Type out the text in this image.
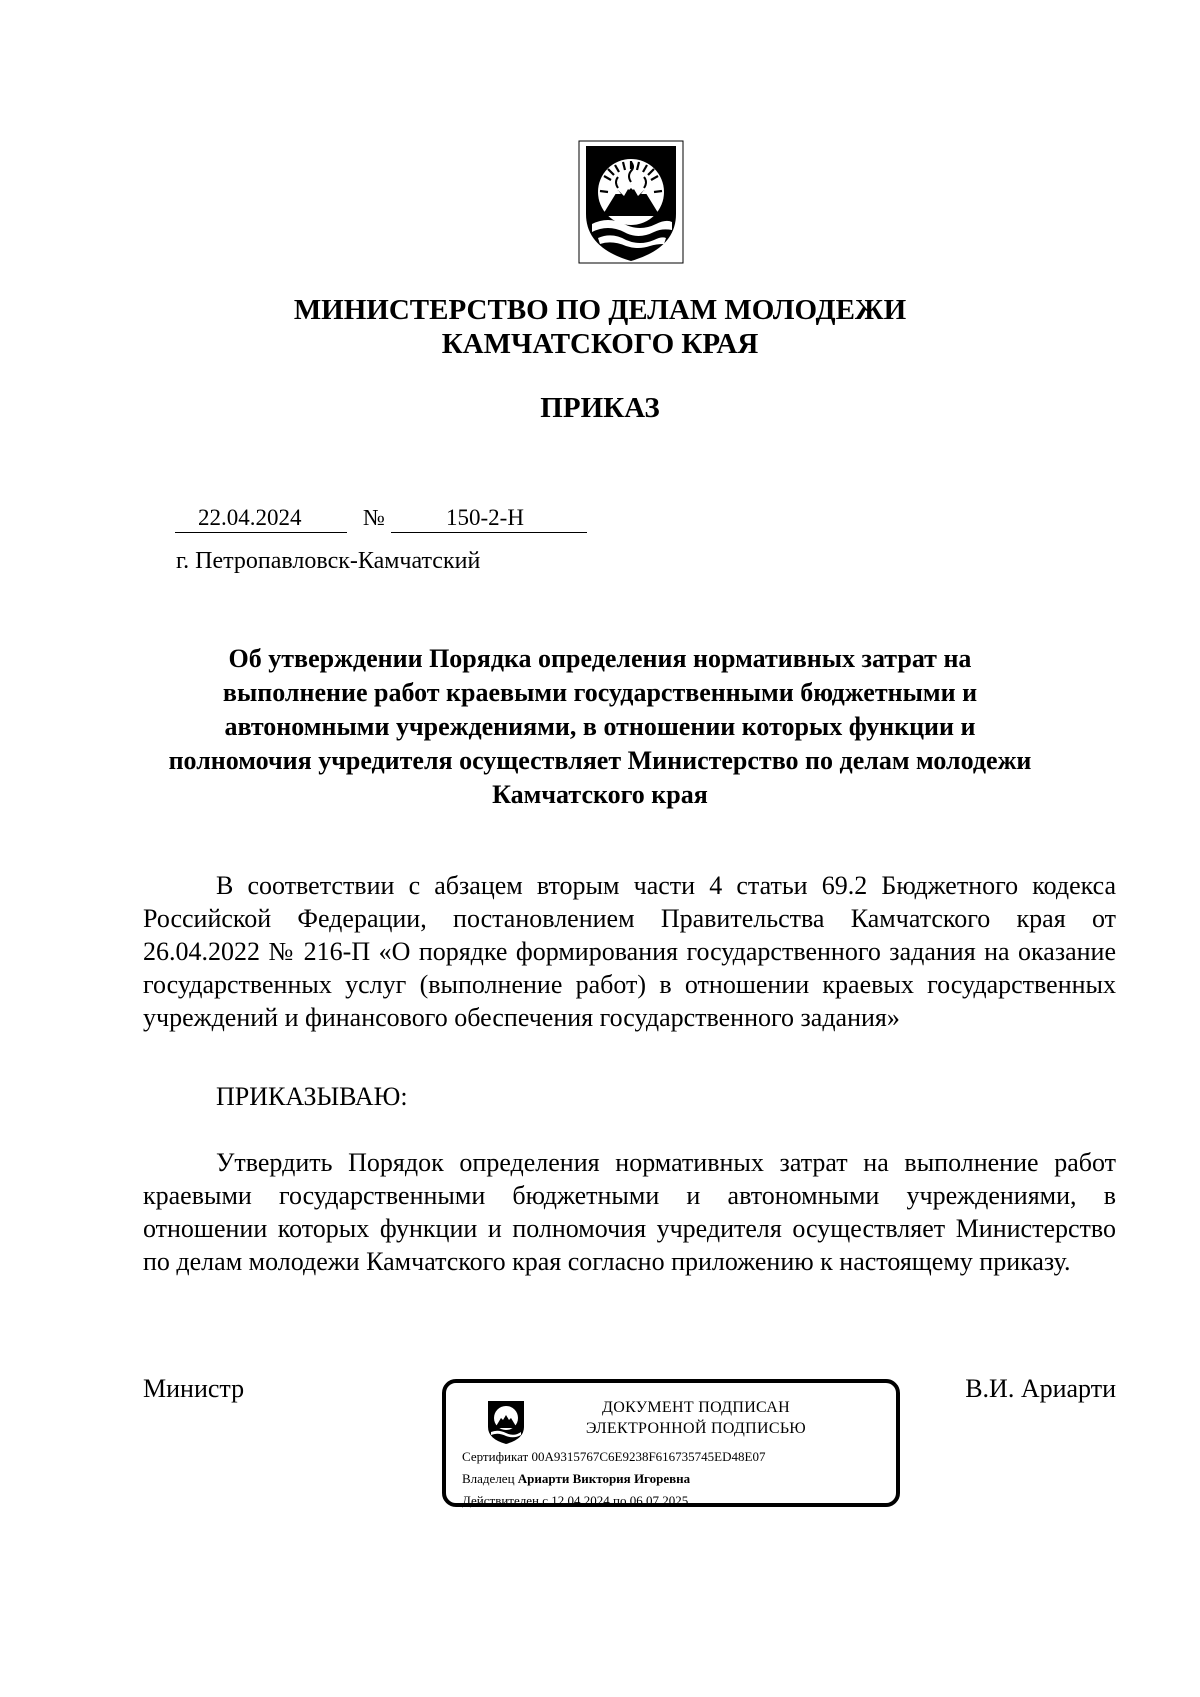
МИНИСТЕРСТВО ПО ДЕЛАМ МОЛОДЕЖИ
КАМЧАТСКОГО КРАЯ
ПРИКАЗ
22.04.2024	№	150-2-Н
г. Петропавловск-Камчатский
Об утверждении Порядка определения нормативных затрат на
выполнение работ краевыми государственными бюджетными и
автономными учреждениями, в отношении которых функции и
полномочия учредителя осуществляет Министерство по делам молодежи
Камчатского края
В соответствии с абзацем вторым части 4 статьи 69.2 Бюджетного кодекса Российской Федерации, постановлением Правительства Камчатского края от 26.04.2022 № 216-П «О порядке формирования государственного задания на оказание государственных услуг (выполнение работ) в отношении краевых государственных учреждений и финансового обеспечения государственного задания»
ПРИКАЗЫВАЮ:
Утвердить Порядок определения нормативных затрат на выполнение работ краевыми государственными бюджетными и автономными учреждениями, в отношении которых функции и полномочия учредителя осуществляет Министерство по делам молодежи Камчатского края согласно приложению к настоящему приказу.
Министр	В.И. Ариарти
ДОКУМЕНТ ПОДПИСАН
ЭЛЕКТРОННОЙ ПОДПИСЬЮ
Сертификат 00A9315767C6E9238F616735745ED48E07
Владелец Ариарти Виктория Игоревна
Действителен с 12.04.2024 по 06.07.2025
